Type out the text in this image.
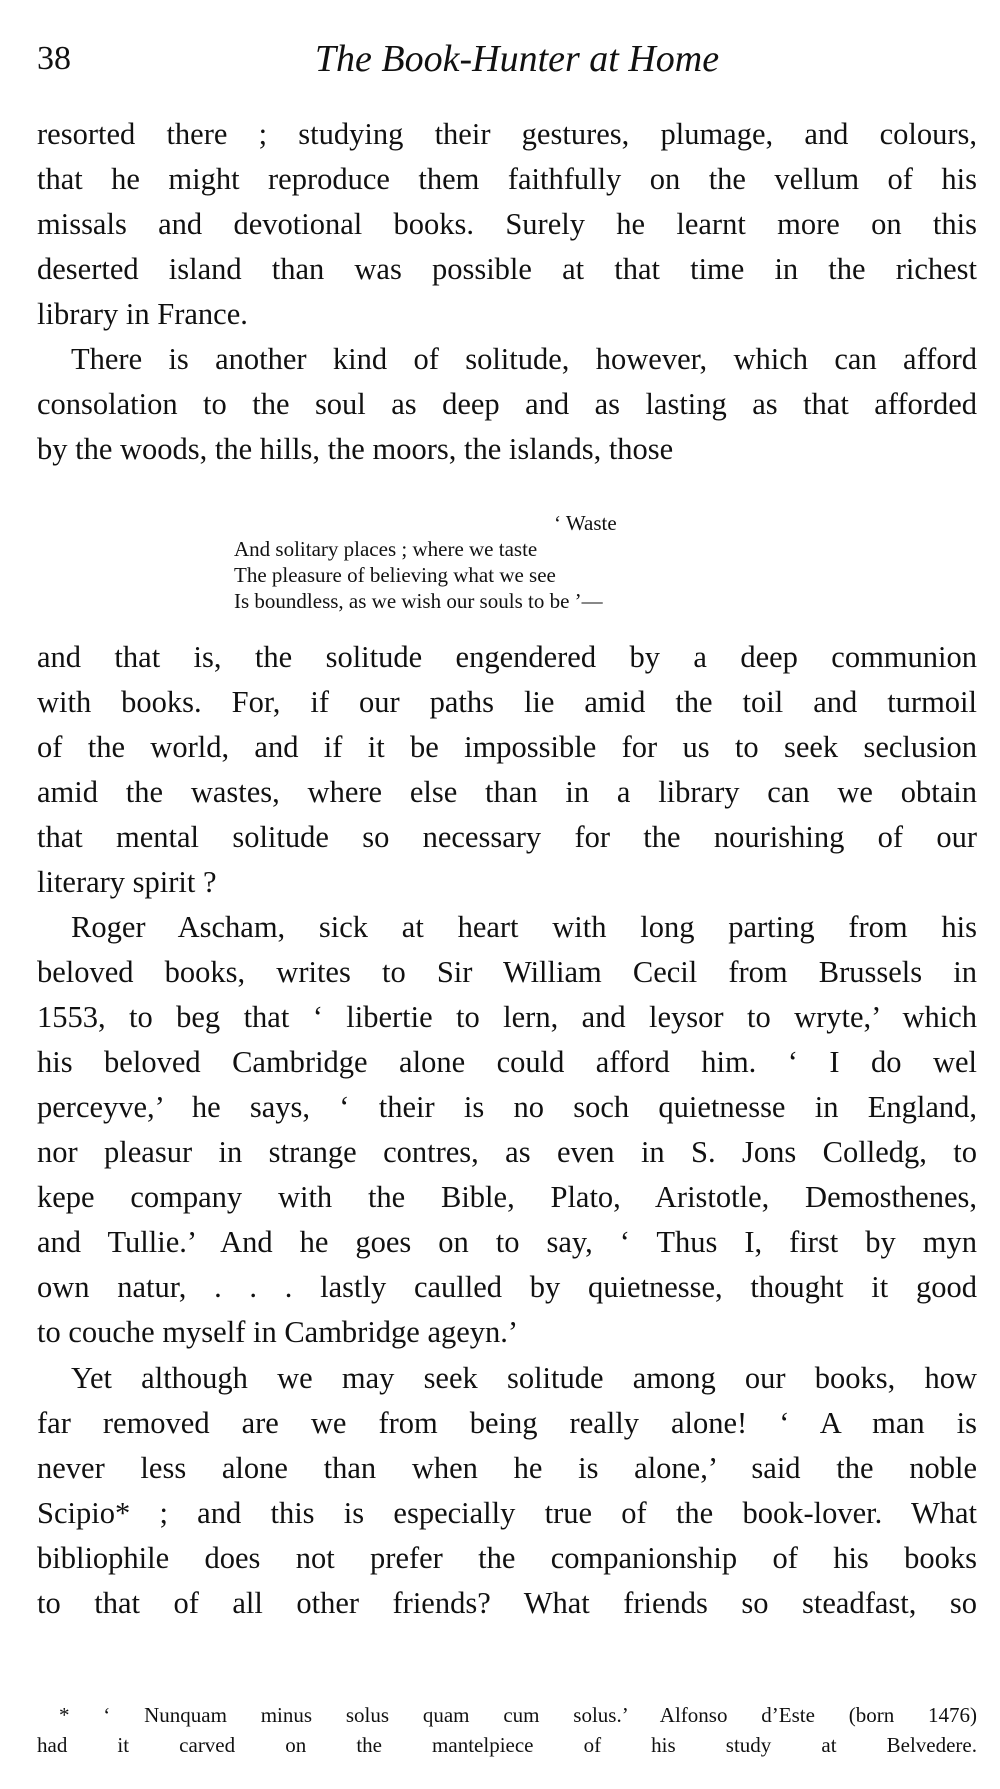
38	The Book-Hunter at Home
resorted there ; studying their gestures, plumage, and colours,
that he might reproduce them faithfully on the vellum of his
missals and devotional books. Surely he learnt more on this
deserted island than was possible at that time in the richest
library in France.
There is another kind of solitude, however, which can afford
consolation to the soul as deep and as lasting as that afforded
by the woods, the hills, the moors, the islands, those
‘ Waste
And solitary places ; where we taste
The pleasure of believing what we see
Is boundless, as we wish our souls to be ’—
and that is, the solitude engendered by a deep communion
with books. For, if our paths lie amid the toil and turmoil
of the world, and if it be impossible for us to seek seclusion
amid the wastes, where else than in a library can we obtain
that mental solitude so necessary for the nourishing of our
literary spirit ?
Roger Ascham, sick at heart with long parting from his
beloved books, writes to Sir William Cecil from Brussels in
1553, to beg that ‘ libertie to lern, and leysor to wryte,’ which
his beloved Cambridge alone could afford him. ‘ I do wel
perceyve,’ he says, ‘ their is no soch quietnesse in England,
nor pleasur in strange contres, as even in S. Jons Colledg, to
kepe company with the Bible, Plato, Aristotle, Demosthenes,
and Tullie.’ And he goes on to say, ‘ Thus I, first by myn
own natur, . . . lastly caulled by quietnesse, thought it good
to couche myself in Cambridge ageyn.’
Yet although we may seek solitude among our books, how
far removed are we from being really alone! ‘ A man is
never less alone than when he is alone,’ said the noble
Scipio* ; and this is especially true of the book-lover. What
bibliophile does not prefer the companionship of his books
to that of all other friends? What friends so steadfast, so
* ‘ Nunquam minus solus quam cum solus.’ Alfonso d’Este (born 1476)
had it carved on the mantelpiece of his study at Belvedere.
